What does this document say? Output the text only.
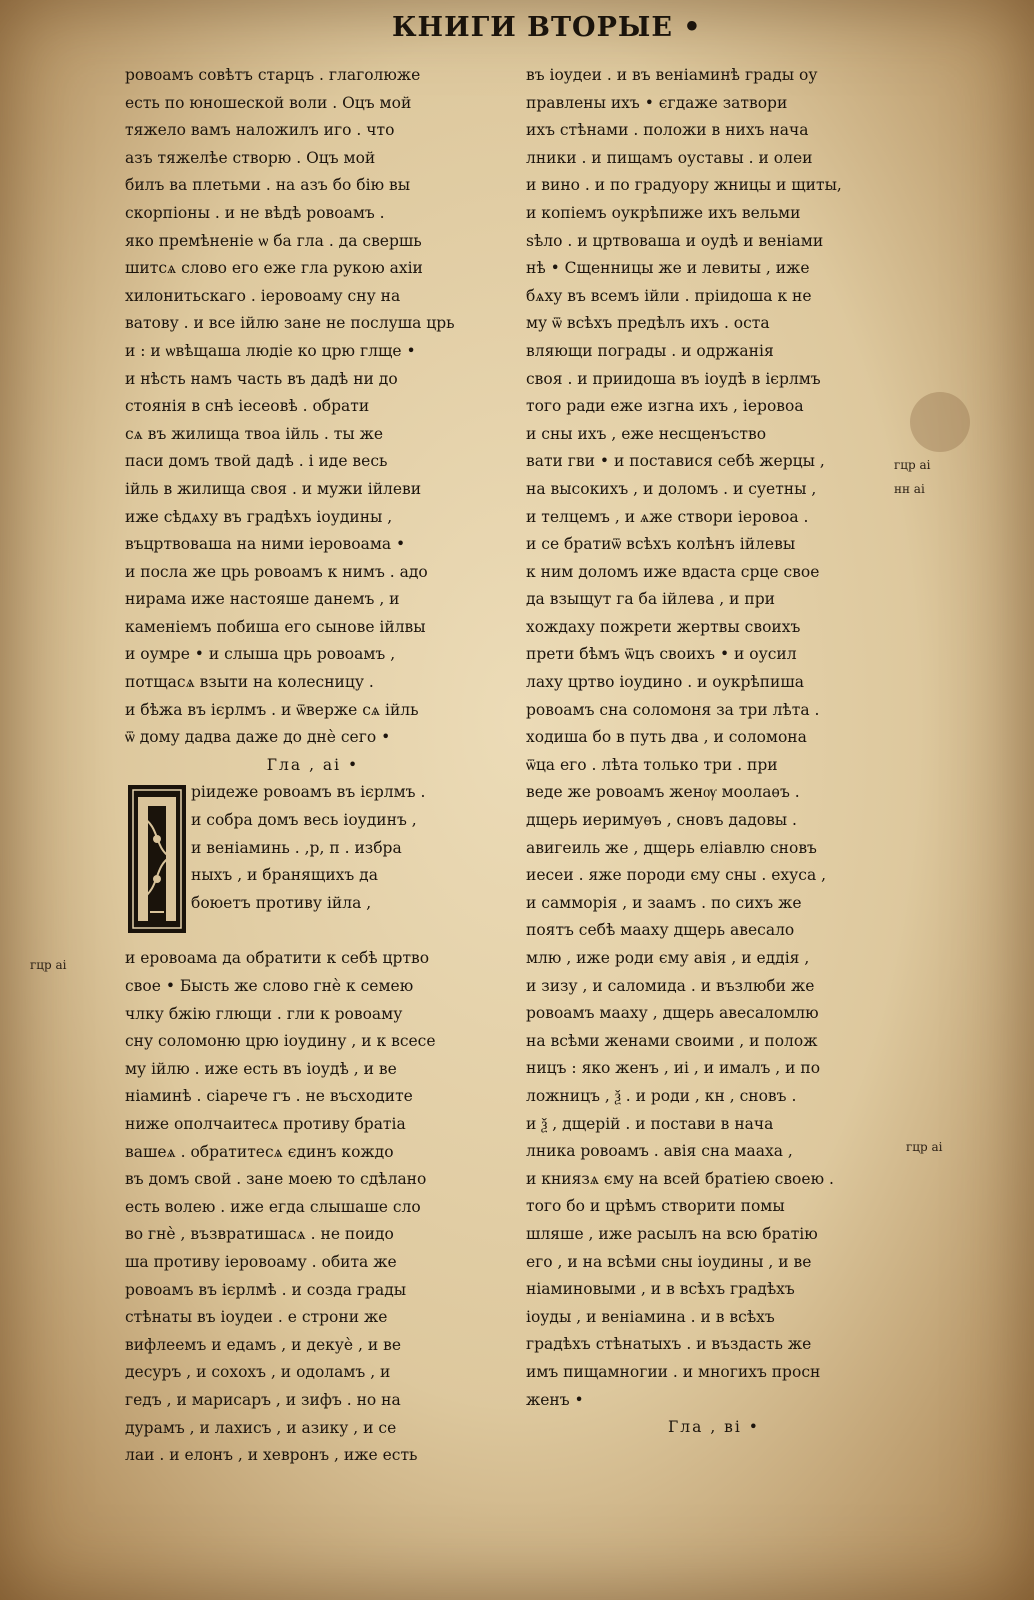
КНИГИ ВТОРЫЕ •
ровоамъ совѣтъ старцъ . глаголюже
есть по юношеской воли . Оцъ мой
тяжело вамъ наложилъ иго . что
азъ тяжелѣе створю . Оцъ мой
билъ ва плетьми . на азъ бо бію вы
скорпіоны . и не вѣдѣ ровоамъ .
яко премѣненіе ѡ ба гла . да свершь
шитсѧ слово его еже гла рукою ахіи
хилонитьскаго . іеровоаму сну на
ватову . и все ійлю зане не послуша црь
и : и ѡвѣщаша людіе ко црю глще •
и нѣсть намъ часть въ дадѣ ни до
стоянія в снѣ іесеовѣ . обрати
сѧ въ жилища твоа ійль . ты же
паси домъ твой дадѣ . і иде весь
ійль в жилища своя . и мужи ійлеви
иже сѣдѧху въ градѣхъ іоудины ,
въцртвоваша на ними іеровоама •
и посла же црь ровоамъ к нимъ . адо
нирама иже настояше данемъ , и
каменіемъ побиша его сынове ійлвы
и оумре • и слыша црь ровоамъ ,
потщасѧ взыти на колесницу .
и бѣжа въ ієрлмъ . и ѿверже сѧ ійль
ѿ дому дадва даже до днѐ сего •
Гла , аі •
ріидеже ровоамъ въ ієрлмъ .
и собра домъ весь іоудинъ ,
и веніаминь . ,р, п . избра
ныхъ , и бранящихъ да
боюетъ противу ійла ,
и еровоама да обратити к себѣ цртво
свое • Бысть же слово гнѐ к семею
члку бжію глющи . гли к ровоаму
сну соломоню црю іоудину , и к всесе
му ійлю . иже есть въ іоудѣ , и ве
ніаминѣ . сіарече гъ . не въсходите
ниже ополчаитесѧ противу братіа
вашеѧ . обратитесѧ єдинъ кождо
въ домъ свой . зане моею то сдѣлано
есть волею . иже егда слышаше сло
во гнѐ , възвратишасѧ . не поидо
ша противу іеровоаму . обита же
ровоамъ въ ієрлмѣ . и созда грады
стѣнаты въ іоудеи . е строни же
вифлеемъ и едамъ , и декуѐ , и ве
десуръ , и сохохъ , и одоламъ , и
гедъ , и марисаръ , и зифъ . но на
дурамъ , и лахисъ , и азику , и се
лаи . и елонъ , и хевронъ , иже есть
въ іоудеи . и въ веніаминѣ грады оу
правлены ихъ • єгдаже затвори
ихъ стѣнами . положи в нихъ нача
лники . и пищамъ оуставы . и олеи
и вино . и по градуору жницы и щиты,
и копіемъ оукрѣпиже ихъ вельми
ѕѣло . и цртвоваша и оудѣ и веніами
нѣ • Сщенницы же и левиты , иже
бѧху въ всемъ ійли . пріидоша к не
му ѿ всѣхъ предѣлъ ихъ . оста
вляющи пограды . и одржанія
своя . и приидоша въ іоудѣ в ієрлмъ
того ради еже изгна ихъ , іеровоа
и сны ихъ , еже несщенъство
вати гви • и поставися себѣ жерцы ,
на высокихъ , и доломъ . и суетны ,
и телцемъ , и ѧже створи іеровоа .
и се братиѿ всѣхъ колѣнъ ійлевы
к ним доломъ иже вдаста срце свое
да взыщут га ба ійлева , и при
хождаху пожрети жертвы своихъ
прети бѣмъ ѿцъ своихъ • и оусил
лаху цртво іоудино . и оукрѣпиша
ровоамъ сна соломоня за три лѣта .
ходиша бо в путь два , и соломона
ѿца его . лѣта только три . при
веде же ровоамъ женѹ моолаѳъ .
дщерь иеримуѳъ , сновъ дадовы .
авигеиль же , дщерь еліавлю сновъ
иесеи . яже породи єму сны . ехуса ,
и самморія , и заамъ . по сихъ же
поятъ себѣ мааху дщерь авесало
млю , иже роди єму авія , и еддія ,
и зизу , и саломида . и възлюби же
ровоамъ мааху , дщерь авесаломлю
на всѣми женами своими , и полож
ницъ : яко женъ , иі , и ималъ , и по
ложницъ , ѯ . и роди , кн , сновъ .
и ѯ , дщерій . и постави в нача
лника ровоамъ . авія сна мааха ,
и книязѧ єму на всей братіею своею .
того бо и црѣмъ створити помы
шляше , иже расылъ на всю братію
его , и на всѣми сны іоудины , и ве
ніаминовыми , и в всѣхъ градѣхъ
іоуды , и веніамина . и в всѣхъ
градѣхъ стѣнатыхъ . и въздасть же
имъ пищамногии . и многихъ просн
женъ •
Гла , ві •
гцр аі
гцр аі
нн аі
гцр аі
